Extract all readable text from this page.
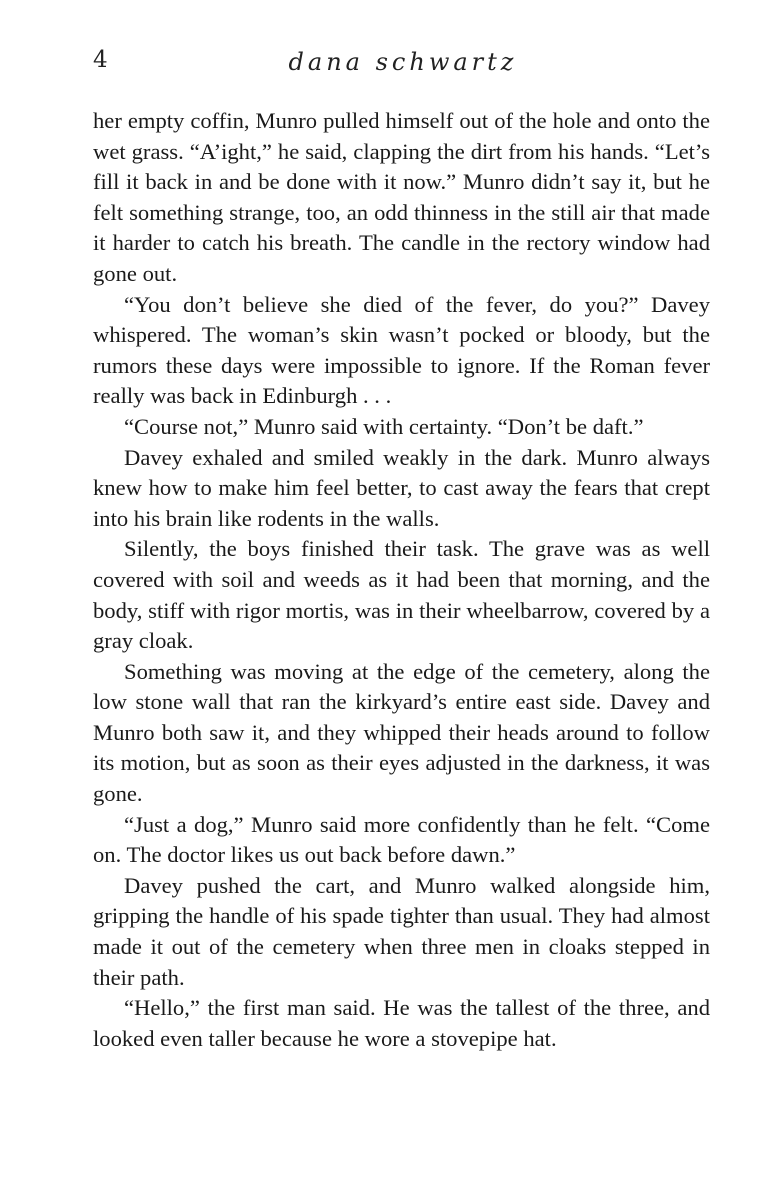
4	dana schwartz

her empty coffin, Munro pulled himself out of the hole and onto the wet grass. “A’ight,” he said, clapping the dirt from his hands. “Let’s fill it back in and be done with it now.” Munro didn’t say it, but he felt something strange, too, an odd thinness in the still air that made it harder to catch his breath. The candle in the rectory window had gone out.

“You don’t believe she died of the fever, do you?” Davey whispered. The woman’s skin wasn’t pocked or bloody, but the rumors these days were impossible to ignore. If the Roman fever really was back in Edinburgh . . .

“Course not,” Munro said with certainty. “Don’t be daft.”

Davey exhaled and smiled weakly in the dark. Munro always knew how to make him feel better, to cast away the fears that crept into his brain like rodents in the walls.

Silently, the boys finished their task. The grave was as well covered with soil and weeds as it had been that morning, and the body, stiff with rigor mortis, was in their wheelbarrow, covered by a gray cloak.

Something was moving at the edge of the cemetery, along the low stone wall that ran the kirkyard’s entire east side. Davey and Munro both saw it, and they whipped their heads around to follow its motion, but as soon as their eyes adjusted in the darkness, it was gone.

“Just a dog,” Munro said more confidently than he felt. “Come on. The doctor likes us out back before dawn.”

Davey pushed the cart, and Munro walked alongside him, gripping the handle of his spade tighter than usual. They had almost made it out of the cemetery when three men in cloaks stepped in their path.

“Hello,” the first man said. He was the tallest of the three, and looked even taller because he wore a stovepipe hat.
